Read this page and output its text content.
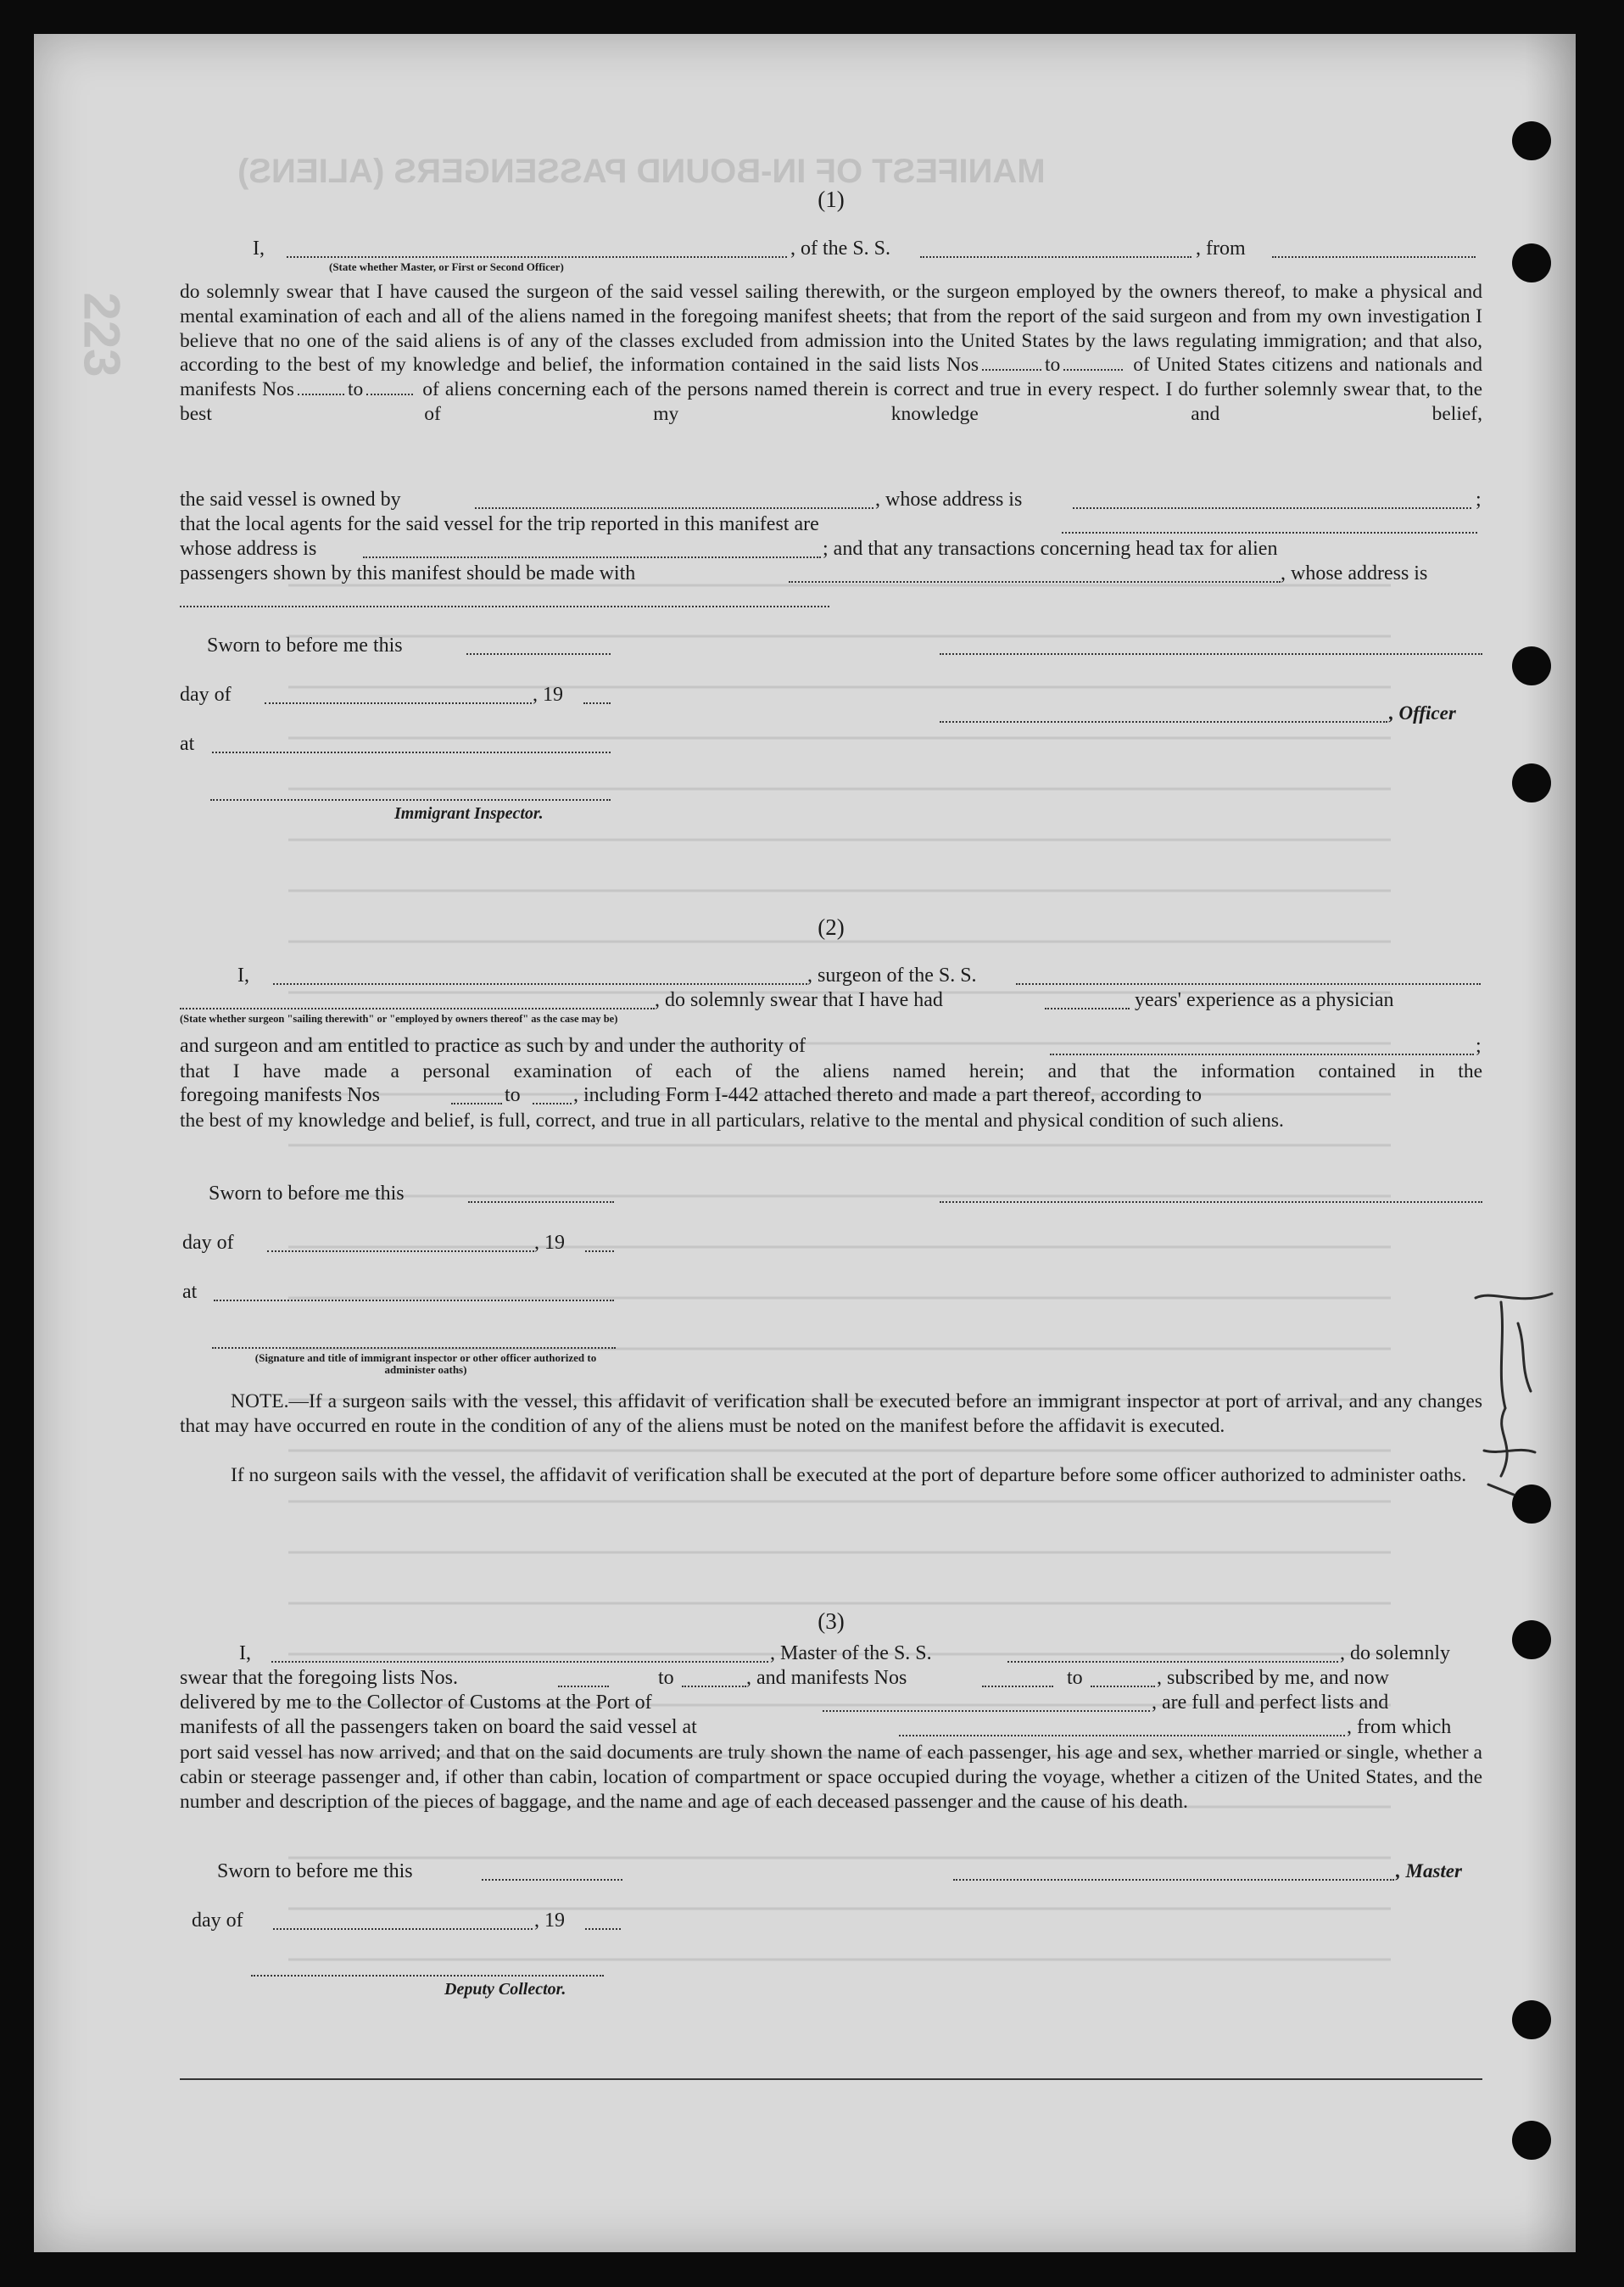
MANIFEST OF IN-BOUND PASSENGERS (ALIENS)
223
(1)
I,	, of the S. S.	, from
(State whether Master, or First or Second Officer)
do solemnly swear that I have caused the surgeon of the said vessel sailing therewith, or the surgeon employed by the owners thereof, to make a physical and mental examination of each and all of the aliens named in the foregoing manifest sheets; that from the report of the said surgeon and from my own investigation I believe that no one of the said aliens is of any of the classes excluded from admission into the United States by the laws regulating immigration; and that also, according to the best of my knowledge and belief, the information contained in the said lists Nos	to	of United States citizens and nationals and manifests Nos	to	of aliens concerning each of the persons named therein is correct and true in every respect. I do further solemnly swear that, to the best of my knowledge and belief,
the said vessel is owned by	, whose address is	;
that the local agents for the said vessel for the trip reported in this manifest are
whose address is	; and that any transactions concerning head tax for alien
passengers shown by this manifest should be made with	, whose address is
Sworn to before me this
day of	, 19
, Officer
at
Immigrant Inspector.
(2)
I,	, surgeon of the S. S.
, do solemnly swear that I have had	years' experience as a physician
(State whether surgeon "sailing therewith" or "employed by owners thereof" as the case may be)
and surgeon and am entitled to practice as such by and under the authority of	;
that I have made a personal examination of each of the aliens named herein; and that the information contained in the
foregoing manifests Nos	to	, including Form I-442 attached thereto and made a part thereof, according to
the best of my knowledge and belief, is full, correct, and true in all particulars, relative to the mental and physical condition of such aliens.
Sworn to before me this
day of	, 19
at
(Signature and title of immigrant inspector or other officer authorized to administer oaths)
NOTE.—If a surgeon sails with the vessel, this affidavit of verification shall be executed before an immigrant inspector at port of arrival, and any changes that may have occurred en route in the condition of any of the aliens must be noted on the manifest before the affidavit is executed.
If no surgeon sails with the vessel, the affidavit of verification shall be executed at the port of departure before some officer authorized to administer oaths.
(3)
I,	, Master of the S. S.	, do solemnly
swear that the foregoing lists Nos.	to	, and manifests Nos	to	, subscribed by me, and now
delivered by me to the Collector of Customs at the Port of	, are full and perfect lists and
manifests of all the passengers taken on board the said vessel at	, from which
port said vessel has now arrived; and that on the said documents are truly shown the name of each passenger, his age and sex, whether married or single, whether a cabin or steerage passenger and, if other than cabin, location of compartment or space occupied during the voyage, whether a citizen of the United States, and the number and description of the pieces of baggage, and the name and age of each deceased passenger and the cause of his death.
Sworn to before me this	, Master
day of	, 19
Deputy Collector.
